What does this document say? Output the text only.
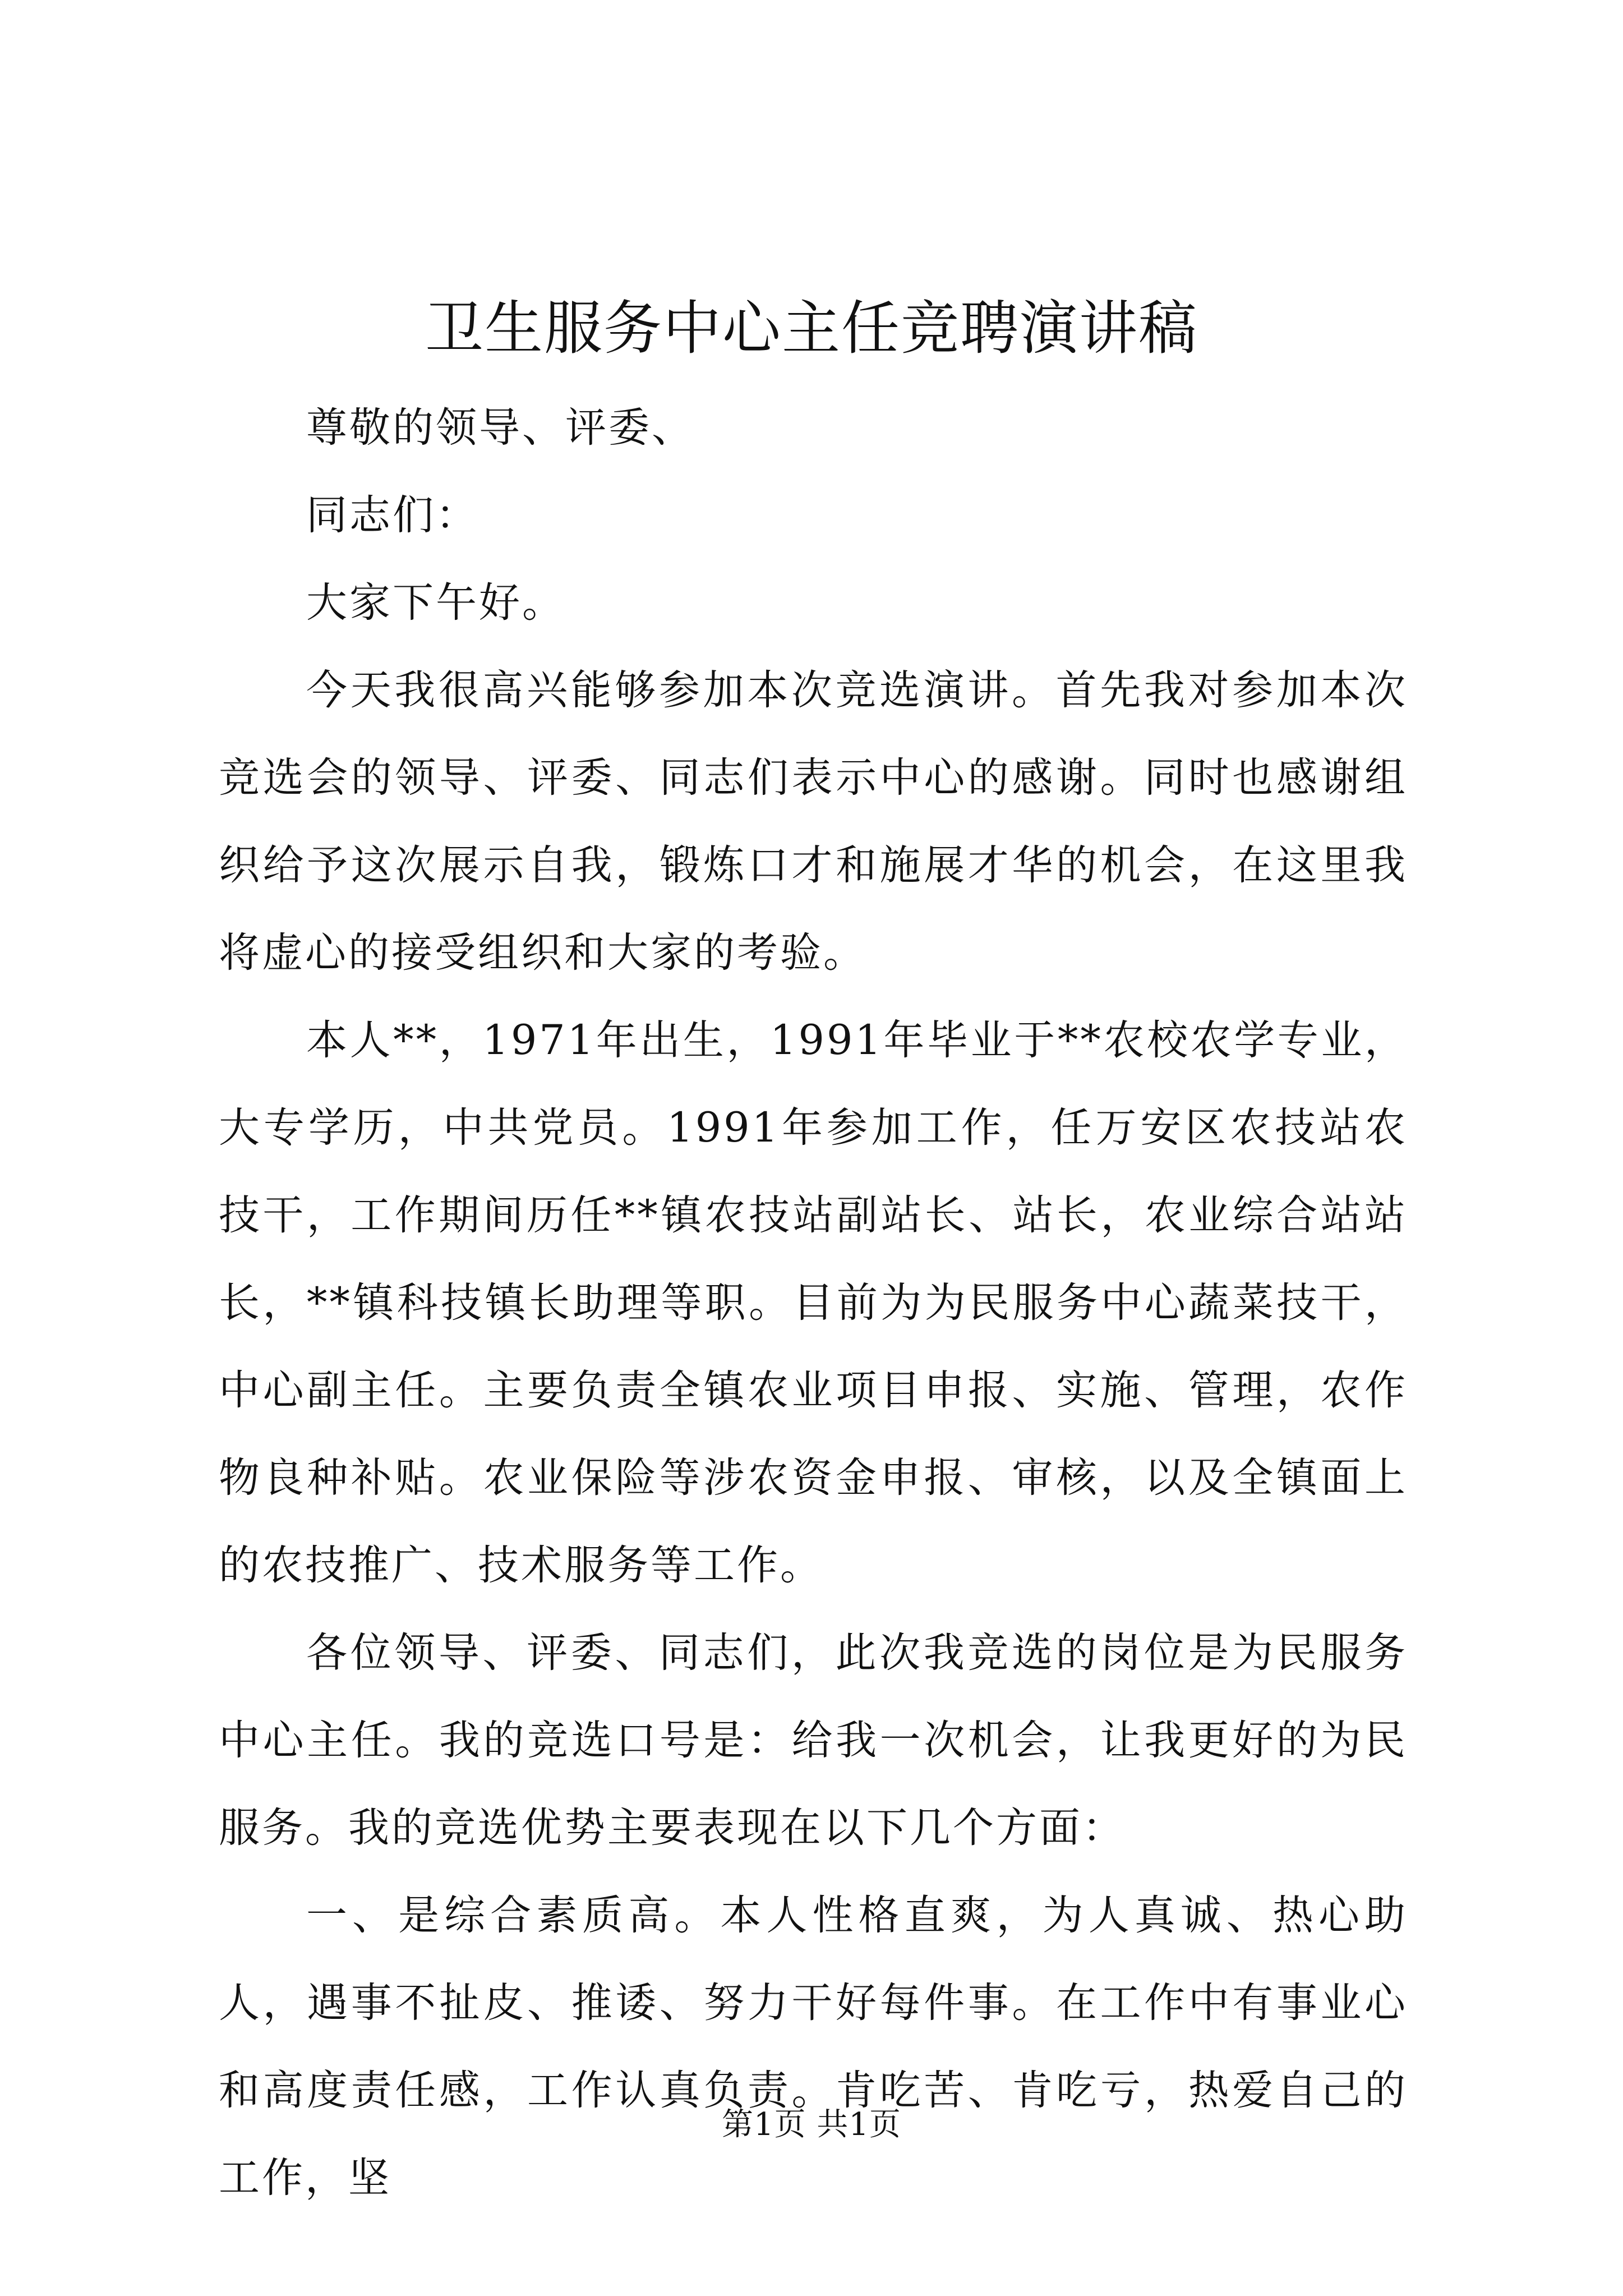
卫生服务中心主任竞聘演讲稿

尊敬的领导、评委、

同志们：

大家下午好。

今天我很高兴能够参加本次竞选演讲。首先我对参加本次竞选会的领导、评委、同志们表示中心的感谢。同时也感谢组织给予这次展示自我，锻炼口才和施展才华的机会，在这里我将虚心的接受组织和大家的考验。

本人**，1971年出生，1991年毕业于**农校农学专业，大专学历，中共党员。1991年参加工作，任万安区农技站农技干，工作期间历任**镇农技站副站长、站长，农业综合站站长，**镇科技镇长助理等职。目前为为民服务中心蔬菜技干，中心副主任。主要负责全镇农业项目申报、实施、管理，农作物良种补贴。农业保险等涉农资金申报、审核，以及全镇面上的农技推广、技术服务等工作。

各位领导、评委、同志们，此次我竞选的岗位是为民服务中心主任。我的竞选口号是：给我一次机会，让我更好的为民服务。我的竞选优势主要表现在以下几个方面：

一、是综合素质高。本人性格直爽，为人真诚、热心助人，遇事不扯皮、推诿、努力干好每件事。在工作中有事业心和高度责任感，工作认真负责。肯吃苦、肯吃亏，热爱自己的工作，坚

第1页 共1页
